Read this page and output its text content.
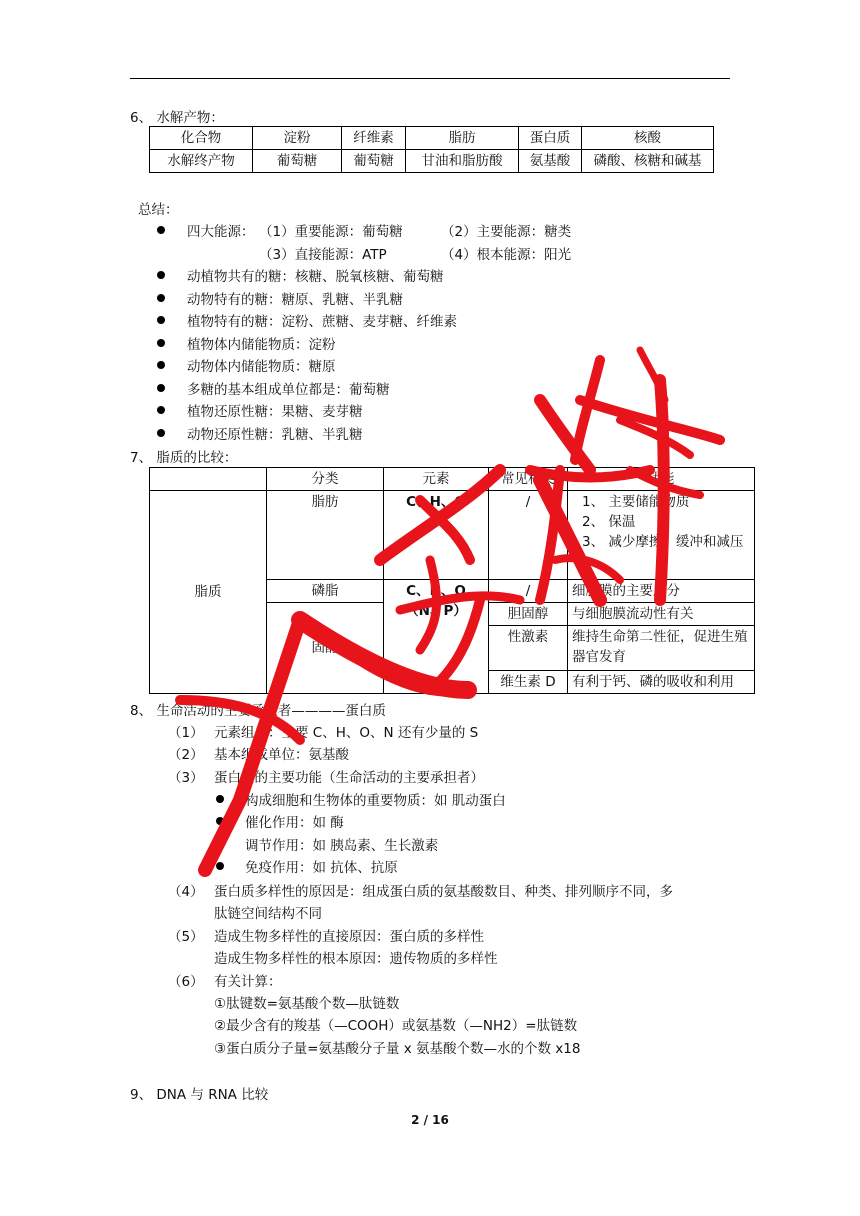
6、 水解产物：
化合物	淀粉	纤维素	脂肪	蛋白质	核酸
水解终产物	葡萄糖	葡萄糖	甘油和脂肪酸	氨基酸	磷酸、核糖和碱基
总结：
四大能源： （1）重要能源：葡萄糖	（2）主要能源：糖类
（3）直接能源：ATP	（4）根本能源：阳光
动植物共有的糖：核糖、脱氧核糖、葡萄糖
动物特有的糖：糖原、乳糖、半乳糖
植物特有的糖：淀粉、蔗糖、麦芽糖、纤维素
植物体内储能物质：淀粉
动物体内储能物质：糖原
多糖的基本组成单位都是：葡萄糖
植物还原性糖：果糖、麦芽糖
动物还原性糖：乳糖、半乳糖
7、 脂质的比较：
	分类	元素	常见种类	功能
脂质	脂肪	C、H、O	/	1、 主要储能物质
2、 保温
3、 减少摩擦，缓冲和减压

	磷脂	C、H、O（N、P）	/	细胞膜的主要成分
	固醇		胆固醇	与细胞膜流动性有关
			性激素	维持生命第二性征，促进生殖器官发育
			维生素 D	有利于钙、磷的吸收和利用
8、 生命活动的主要承担者————蛋白质
（1） 元素组成：主要 C、H、O、N 还有少量的 S
（2） 基本组成单位：氨基酸
（3） 蛋白质的主要功能（生命活动的主要承担者）
构成细胞和生物体的重要物质：如 肌动蛋白
催化作用：如 酶
调节作用：如 胰岛素、生长激素
免疫作用：如 抗体、抗原
（4） 蛋白质多样性的原因是：组成蛋白质的氨基酸数目、种类、排列顺序不同，多
肽链空间结构不同
（5） 造成生物多样性的直接原因：蛋白质的多样性
造成生物多样性的根本原因：遗传物质的多样性
（6） 有关计算：
①肽键数=氨基酸个数—肽链数
②最少含有的羧基（—COOH）或氨基数（—NH2）=肽链数
③蛋白质分子量=氨基酸分子量 x 氨基酸个数—水的个数 x18
9、 DNA 与 RNA 比较
2 / 16
